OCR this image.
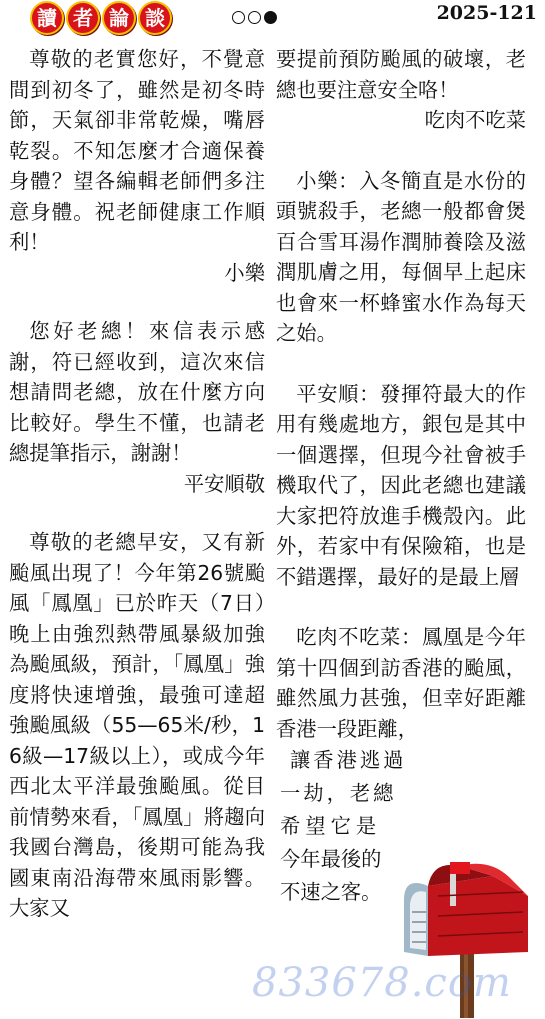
讀 者 論 談	2025-121

尊敬的老實您好，不覺意間到初冬了，雖然是初冬時節，天氣卻非常乾燥，嘴唇乾裂。不知怎麼才合適保養身體？望各編輯老師們多注意身體。祝老師健康工作順利！

小樂

您好老總！來信表示感謝，符已經收到，這次來信想請問老總，放在什麼方向比較好。學生不懂，也請老總提筆指示，謝謝！

平安順敬

尊敬的老總早安，又有新颱風出現了！今年第26號颱風「鳳凰」已於昨天（7日）晚上由強烈熱帶風暴級加強為颱風級，預計，「鳳凰」強度將快速增強，最強可達超強颱風級（55—65米/秒，16級—17級以上），或成今年西北太平洋最強颱風。從目前情勢來看，「鳳凰」將趨向我國台灣島，後期可能為我國東南沿海帶來風雨影響。大家又

要提前預防颱風的破壞，老總也要注意安全咯！

吃肉不吃菜

小樂：入冬簡直是水份的頭號殺手，老總一般都會煲百合雪耳湯作潤肺養陰及滋潤肌膚之用，每個早上起床也會來一杯蜂蜜水作為每天之始。

平安順：發揮符最大的作用有幾處地方，銀包是其中一個選擇，但現今社會被手機取代了，因此老總也建議大家把符放進手機殼內。此外，若家中有保險箱，也是不錯選擇，最好的是最上層

吃肉不吃菜：鳳凰是今年第十四個到訪香港的颱風，雖然風力甚強，但幸好距離香港一段距離，

讓香港逃過
一劫，老總
希望它是
今年最後的
不速之客。
833678.com
